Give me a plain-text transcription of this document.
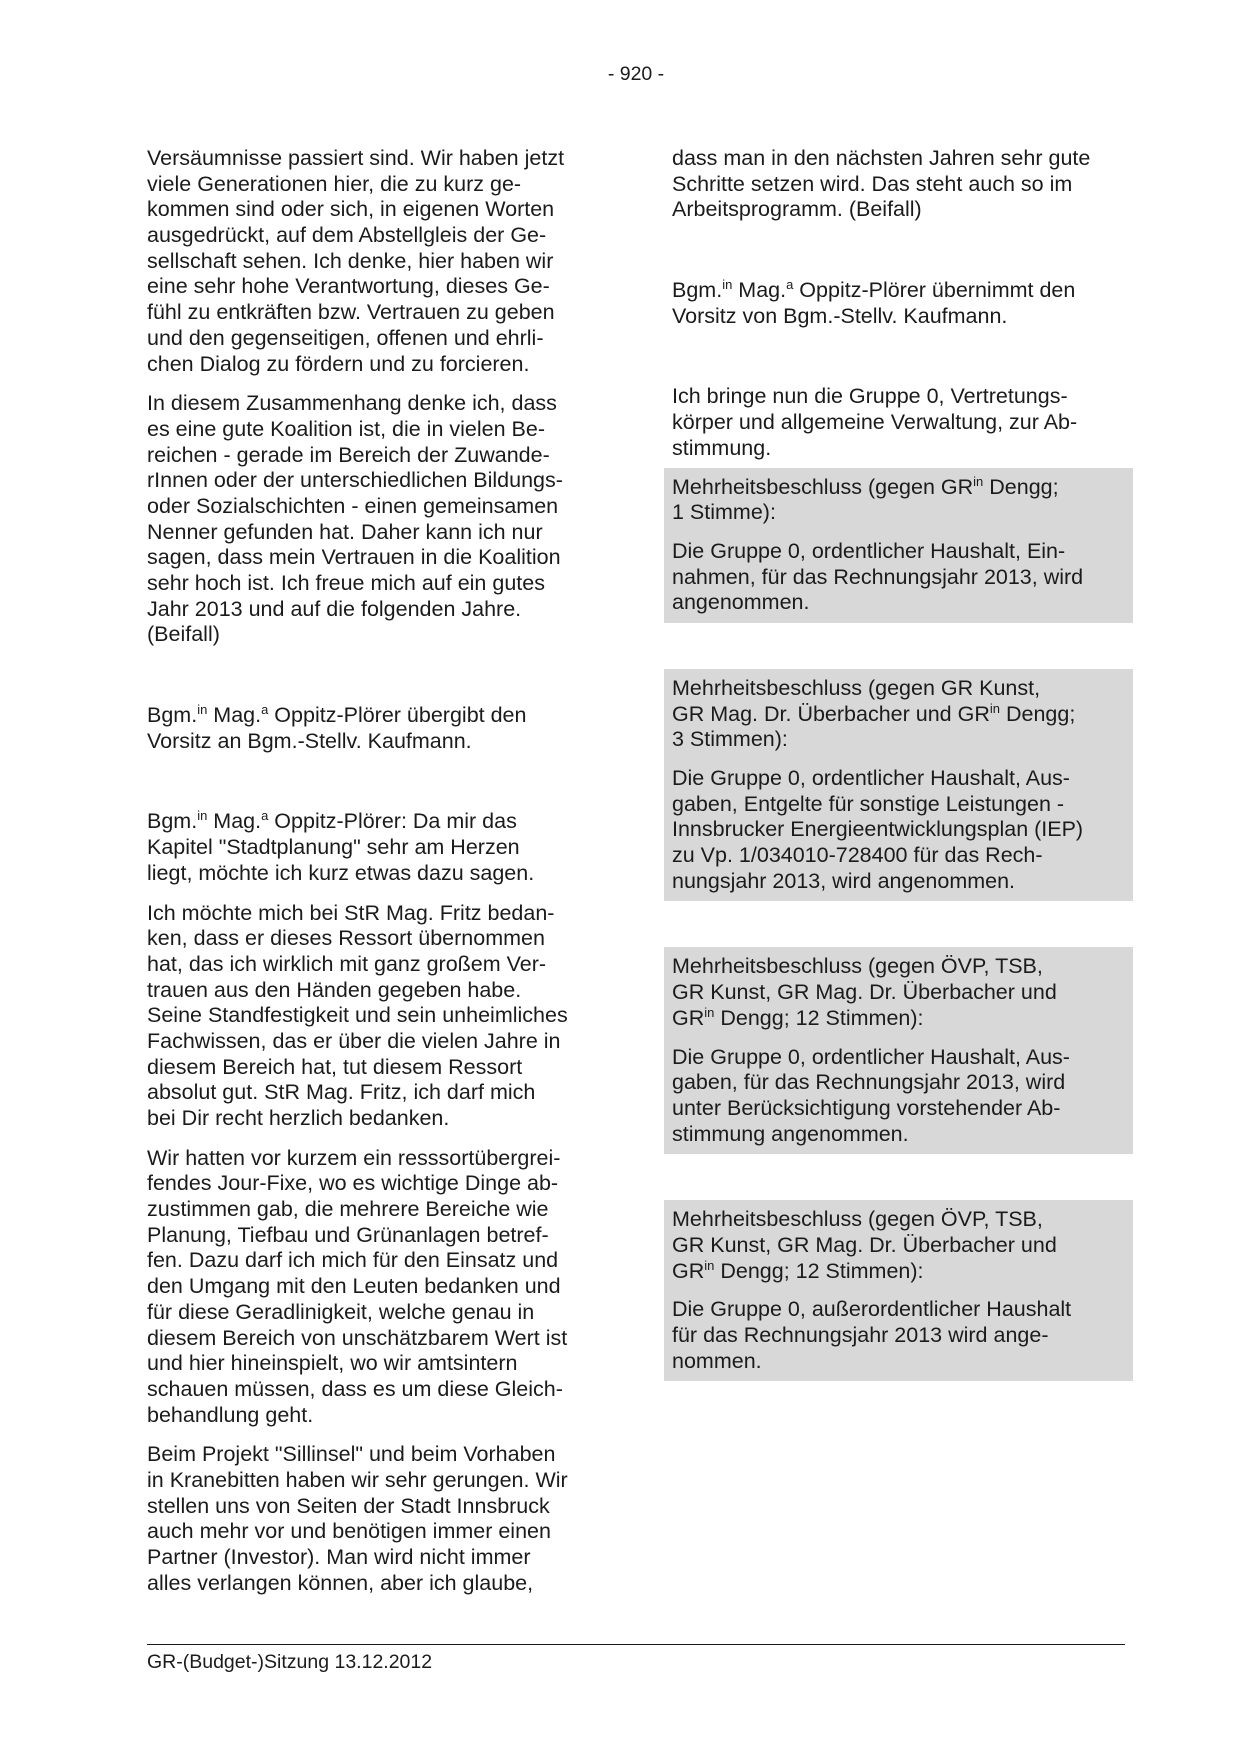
- 920 -
Versäumnisse passiert sind. Wir haben jetzt
viele Generationen hier, die zu kurz ge-
kommen sind oder sich, in eigenen Worten
ausgedrückt, auf dem Abstellgleis der Ge-
sellschaft sehen. Ich denke, hier haben wir
eine sehr hohe Verantwortung, dieses Ge-
fühl zu entkräften bzw. Vertrauen zu geben
und den gegenseitigen, offenen und ehrli-
chen Dialog zu fördern und zu forcieren.
In diesem Zusammenhang denke ich, dass
es eine gute Koalition ist, die in vielen Be-
reichen - gerade im Bereich der Zuwande-
rInnen oder der unterschiedlichen Bildungs-
oder Sozialschichten - einen gemeinsamen
Nenner gefunden hat. Daher kann ich nur
sagen, dass mein Vertrauen in die Koalition
sehr hoch ist. Ich freue mich auf ein gutes
Jahr 2013 und auf die folgenden Jahre.
(Beifall)
Bgm.$^{in}$ Mag.$^a$ Oppitz-Plörer übergibt den
Vorsitz an Bgm.-Stellv. Kaufmann.
Bgm.$^{in}$ Mag.$^a$ Oppitz-Plörer: Da mir das
Kapitel "Stadtplanung" sehr am Herzen
liegt, möchte ich kurz etwas dazu sagen.
Ich möchte mich bei StR Mag. Fritz bedan-
ken, dass er dieses Ressort übernommen
hat, das ich wirklich mit ganz großem Ver-
trauen aus den Händen gegeben habe.
Seine Standfestigkeit und sein unheimliches
Fachwissen, das er über die vielen Jahre in
diesem Bereich hat, tut diesem Ressort
absolut gut. StR Mag. Fritz, ich darf mich
bei Dir recht herzlich bedanken.
Wir hatten vor kurzem ein resssortübergrei-
fendes Jour-Fixe, wo es wichtige Dinge ab-
zustimmen gab, die mehrere Bereiche wie
Planung, Tiefbau und Grünanlagen betref-
fen. Dazu darf ich mich für den Einsatz und
den Umgang mit den Leuten bedanken und
für diese Geradlinigkeit, welche genau in
diesem Bereich von unschätzbarem Wert ist
und hier hineinspielt, wo wir amtsintern
schauen müssen, dass es um diese Gleich-
behandlung geht.
Beim Projekt "Sillinsel" und beim Vorhaben
in Kranebitten haben wir sehr gerungen. Wir
stellen uns von Seiten der Stadt Innsbruck
auch mehr vor und benötigen immer einen
Partner (Investor). Man wird nicht immer
alles verlangen können, aber ich glaube,
dass man in den nächsten Jahren sehr gute
Schritte setzen wird. Das steht auch so im
Arbeitsprogramm. (Beifall)
Bgm.$^{in}$ Mag.$^a$ Oppitz-Plörer übernimmt den
Vorsitz von Bgm.-Stellv. Kaufmann.
Ich bringe nun die Gruppe 0, Vertretungs-
körper und allgemeine Verwaltung, zur Ab-
stimmung.
Mehrheitsbeschluss (gegen $GR^{in}$ Dengg;
1 Stimme):
Die Gruppe 0, ordentlicher Haushalt, Ein-
nahmen, für das Rechnungsjahr 2013, wird
angenommen.
Mehrheitsbeschluss (gegen GR Kunst,
GR Mag. Dr. Überbacher und $GR^{in}$ Dengg;
3 Stimmen):
Die Gruppe 0, ordentlicher Haushalt, Aus-
gaben, Entgelte für sonstige Leistungen -
Innsbrucker Energieentwicklungsplan (IEP)
zu Vp. 1/034010-728400 für das Rech-
nungsjahr 2013, wird angenommen.
Mehrheitsbeschluss (gegen ÖVP, TSB,
GR Kunst, GR Mag. Dr. Überbacher und
$GR^{in}$ Dengg; 12 Stimmen):
Die Gruppe 0, ordentlicher Haushalt, Aus-
gaben, für das Rechnungsjahr 2013, wird
unter Berücksichtigung vorstehender Ab-
stimmung angenommen.
Mehrheitsbeschluss (gegen ÖVP, TSB,
GR Kunst, GR Mag. Dr. Überbacher und
$GR^{in}$ Dengg; 12 Stimmen):
Die Gruppe 0, außerordentlicher Haushalt
für das Rechnungsjahr 2013 wird ange-
nommen.
GR-(Budget-)Sitzung 13.12.2012
